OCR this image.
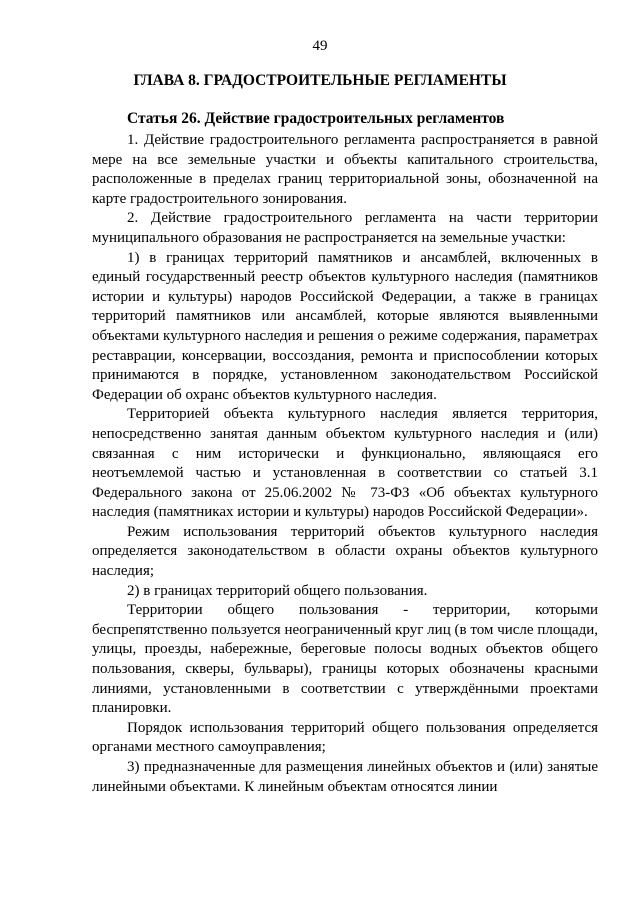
49
ГЛАВА 8. ГРАДОСТРОИТЕЛЬНЫЕ РЕГЛАМЕНТЫ
Статья 26. Действие градостроительных регламентов

1. Действие градостроительного регламента распространяется в равной мере на все земельные участки и объекты капитального строительства, расположенные в пределах границ территориальной зоны, обозначенной на карте градостроительного зонирования.

2. Действие градостроительного регламента на части территории муниципального образования не распространяется на земельные участки:

1) в границах территорий памятников и ансамблей, включенных в единый государственный реестр объектов культурного наследия (памятников истории и культуры) народов Российской Федерации, а также в границах территорий памятников или ансамблей, которые являются выявленными объектами культурного наследия и решения о режиме содержания, параметрах реставрации, консервации, воссоздания, ремонта и приспособлении которых принимаются в порядке, установленном законодательством Российской Федерации об охранс объектов культурного наследия.

Территорией объекта культурного наследия является территория, непосредственно занятая данным объектом культурного наследия и (или) связанная с ним исторически и функционально, являющаяся его неотъемлемой частью и установленная в соответствии со статьей 3.1 Федерального закона от 25.06.2002 № 73-ФЗ «Об объектах культурного наследия (памятниках истории и культуры) народов Российской Федерации».

Режим использования территорий объектов культурного наследия определяется законодательством в области охраны объектов культурного наследия;

2) в границах территорий общего пользования.

Территории общего пользования - территории, которыми беспрепятственно пользуется неограниченный круг лиц (в том числе площади, улицы, проезды, набережные, береговые полосы водных объектов общего пользования, скверы, бульвары), границы которых обозначены красными линиями, установленными в соответствии с утверждёнными проектами планировки.

Порядок использования территорий общего пользования определяется органами местного самоуправления;

3) предназначенные для размещения линейных объектов и (или) занятые линейными объектами. К линейным объектам относятся линии
